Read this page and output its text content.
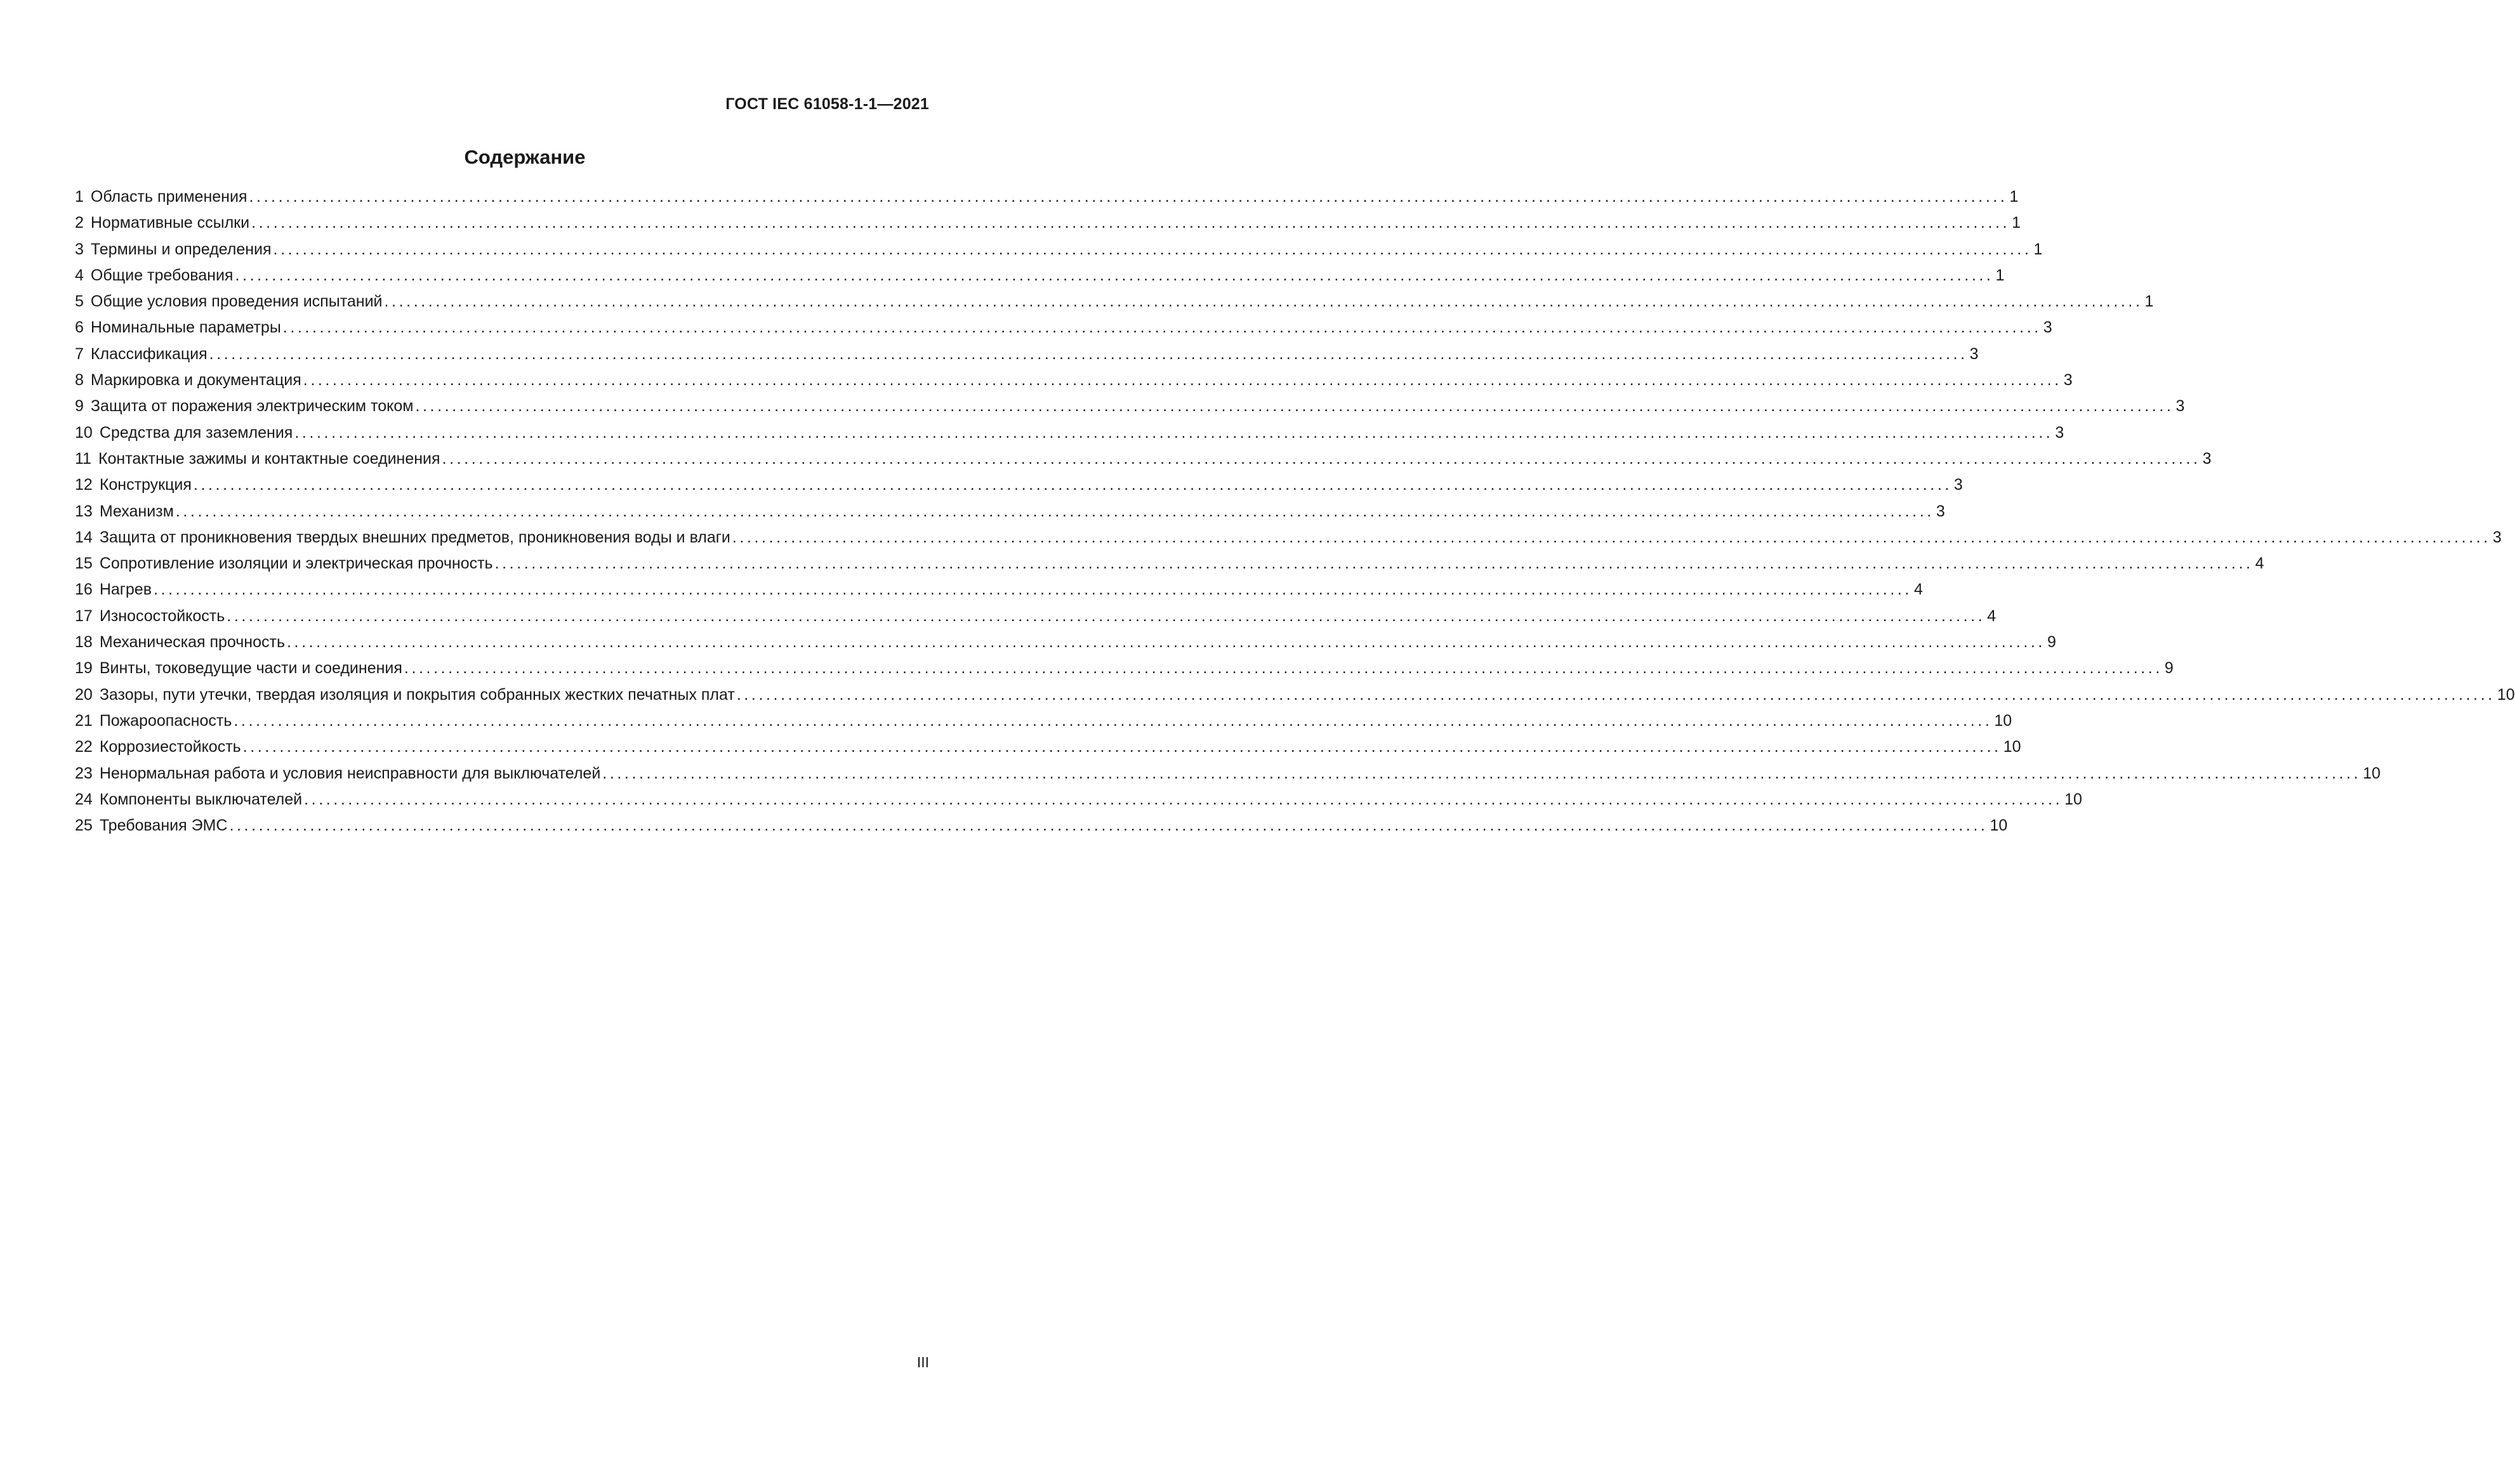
ГОСТ IEC 61058-1-1—2021
Содержание
1 Область применения ................................................................................................................................................................................................................................................ 1
2 Нормативные ссылки ................................................................................................................................................................................................................................................ 1
3 Термины и определения ................................................................................................................................................................................................................................................ 1
4 Общие требования ................................................................................................................................................................................................................................................ 1
5 Общие условия проведения испытаний ................................................................................................................................................................................................................................................ 1
6 Номинальные параметры ................................................................................................................................................................................................................................................ 3
7 Классификация ................................................................................................................................................................................................................................................ 3
8 Маркировка и документация ................................................................................................................................................................................................................................................ 3
9 Защита от поражения электрическим током ................................................................................................................................................................................................................................................ 3
10 Средства для заземления ................................................................................................................................................................................................................................................ 3
11 Контактные зажимы и контактные соединения ................................................................................................................................................................................................................................................ 3
12 Конструкция ................................................................................................................................................................................................................................................ 3
13 Механизм ................................................................................................................................................................................................................................................ 3
14 Защита от проникновения твердых внешних предметов, проникновения воды и влаги ................................................................................................................................................................................................................................................ 3
15 Сопротивление изоляции и электрическая прочность ................................................................................................................................................................................................................................................ 4
16 Нагрев ................................................................................................................................................................................................................................................ 4
17 Износостойкость ................................................................................................................................................................................................................................................ 4
18 Механическая прочность ................................................................................................................................................................................................................................................ 9
19 Винты, токоведущие части и соединения ................................................................................................................................................................................................................................................ 9
20 Зазоры, пути утечки, твердая изоляция и покрытия собранных жестких печатных плат ................................................................................................................................................................................................................................................ 10
21 Пожароопасность ................................................................................................................................................................................................................................................ 10
22 Коррозиестойкость ................................................................................................................................................................................................................................................ 10
23 Ненормальная работа и условия неисправности для выключателей ................................................................................................................................................................................................................................................ 10
24 Компоненты выключателей ................................................................................................................................................................................................................................................ 10
25 Требования ЭМС ................................................................................................................................................................................................................................................ 10
III
